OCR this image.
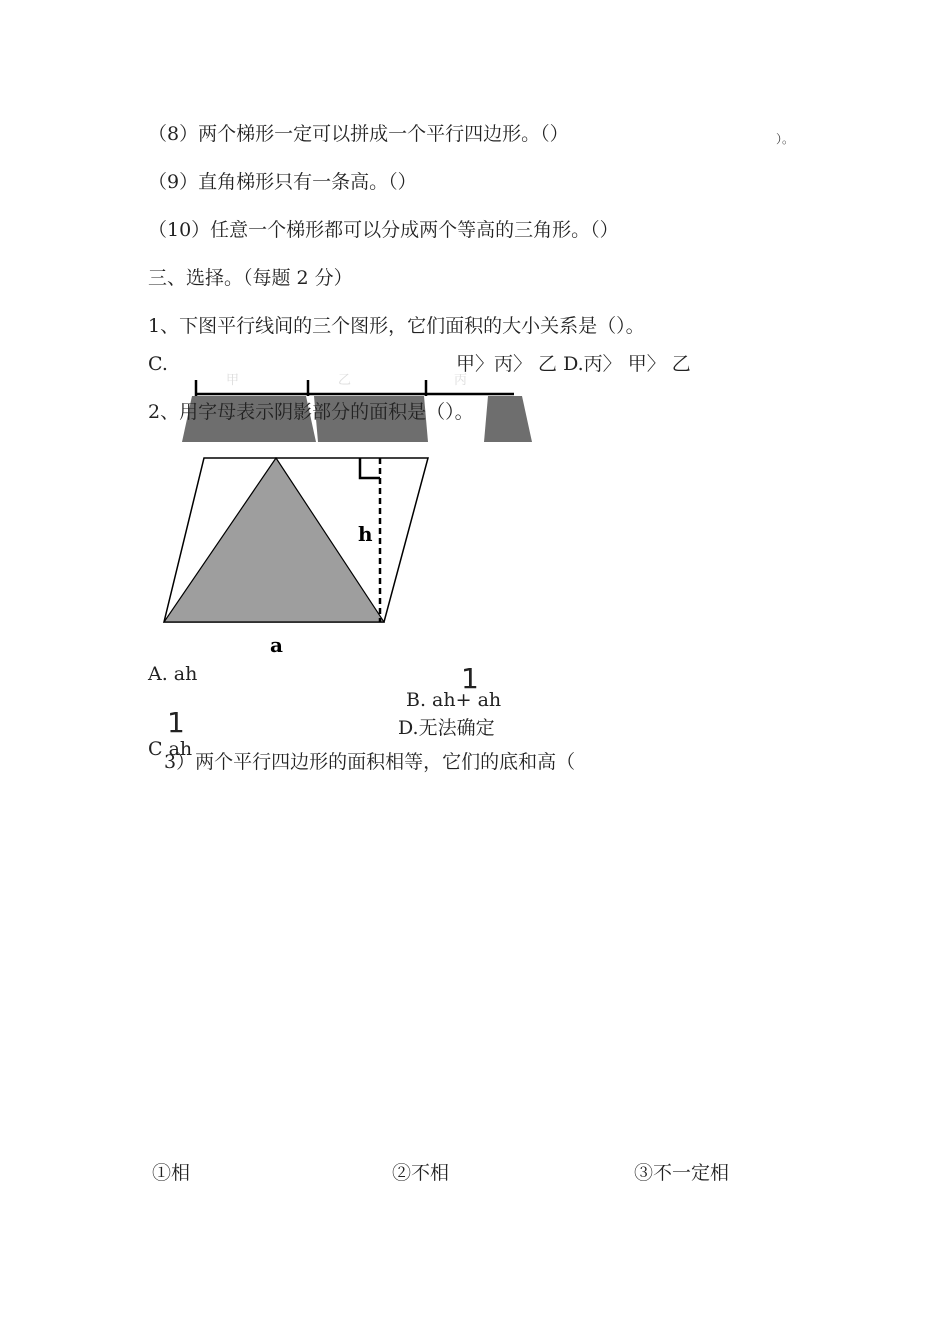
（8）两个梯形一定可以拼成一个平行四边形。（）	）。
（9）直角梯形只有一条高。（）
（10）任意一个梯形都可以分成两个等高的三角形。（）
三、选择。（每题 2 分）
1、下图平行线间的三个图形，它们面积的大小关系是（）。
甲	乙	丙
C.	甲〉丙〉 乙 D.丙〉 甲〉 乙
2、用字母表示阴影部分的面积是（）。
h
a
A. ah	1
B. ah+ ah
1	D.无法确定
C ah
3）两个平行四边形的面积相等，它们的底和高（
①相	②不相	③不一定相
